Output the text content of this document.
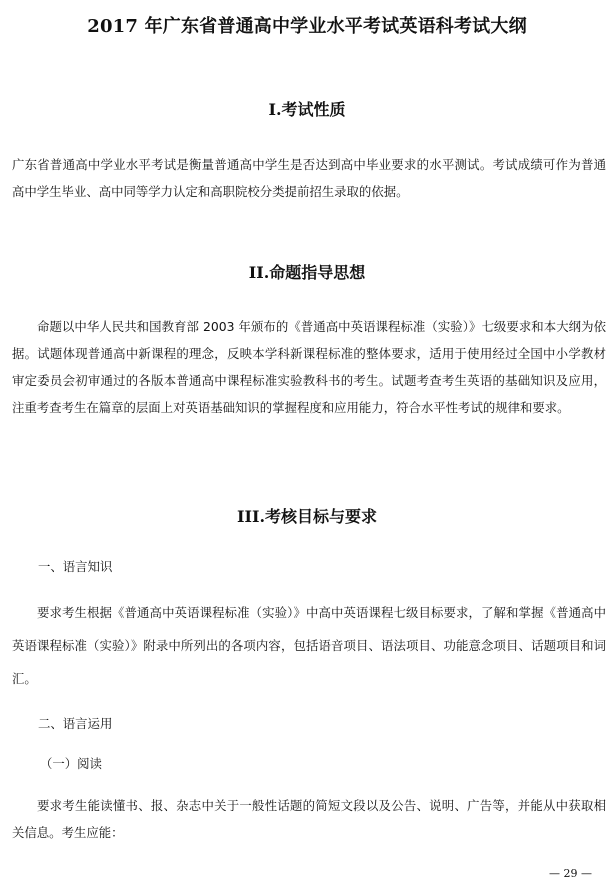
2017 年广东省普通高中学业水平考试英语科考试大纲
I.考试性质

广东省普通高中学业水平考试是衡量普通高中学生是否达到高中毕业要求的水平测试。考试成绩可作为普通高中学生毕业、高中同等学力认定和高职院校分类提前招生录取的依据。

II.命题指导思想

命题以中华人民共和国教育部 2003 年颁布的《普通高中英语课程标准（实验）》七级要求和本大纲为依据。试题体现普通高中新课程的理念，反映本学科新课程标准的整体要求，适用于使用经过全国中小学教材审定委员会初审通过的各版本普通高中课程标准实验教科书的考生。试题考查考生英语的基础知识及应用，注重考查考生在篇章的层面上对英语基础知识的掌握程度和应用能力，符合水平性考试的规律和要求。

III.考核目标与要求
一、语言知识

要求考生根据《普通高中英语课程标准（实验）》中高中英语课程七级目标要求，了解和掌握《普通高中英语课程标准（实验）》附录中所列出的各项内容，包括语音项目、语法项目、功能意念项目、话题项目和词汇。

二、语言运用
（一）阅读

要求考生能读懂书、报、杂志中关于一般性话题的简短文段以及公告、说明、广告等，并能从中获取相关信息。考生应能：

— 29 —
